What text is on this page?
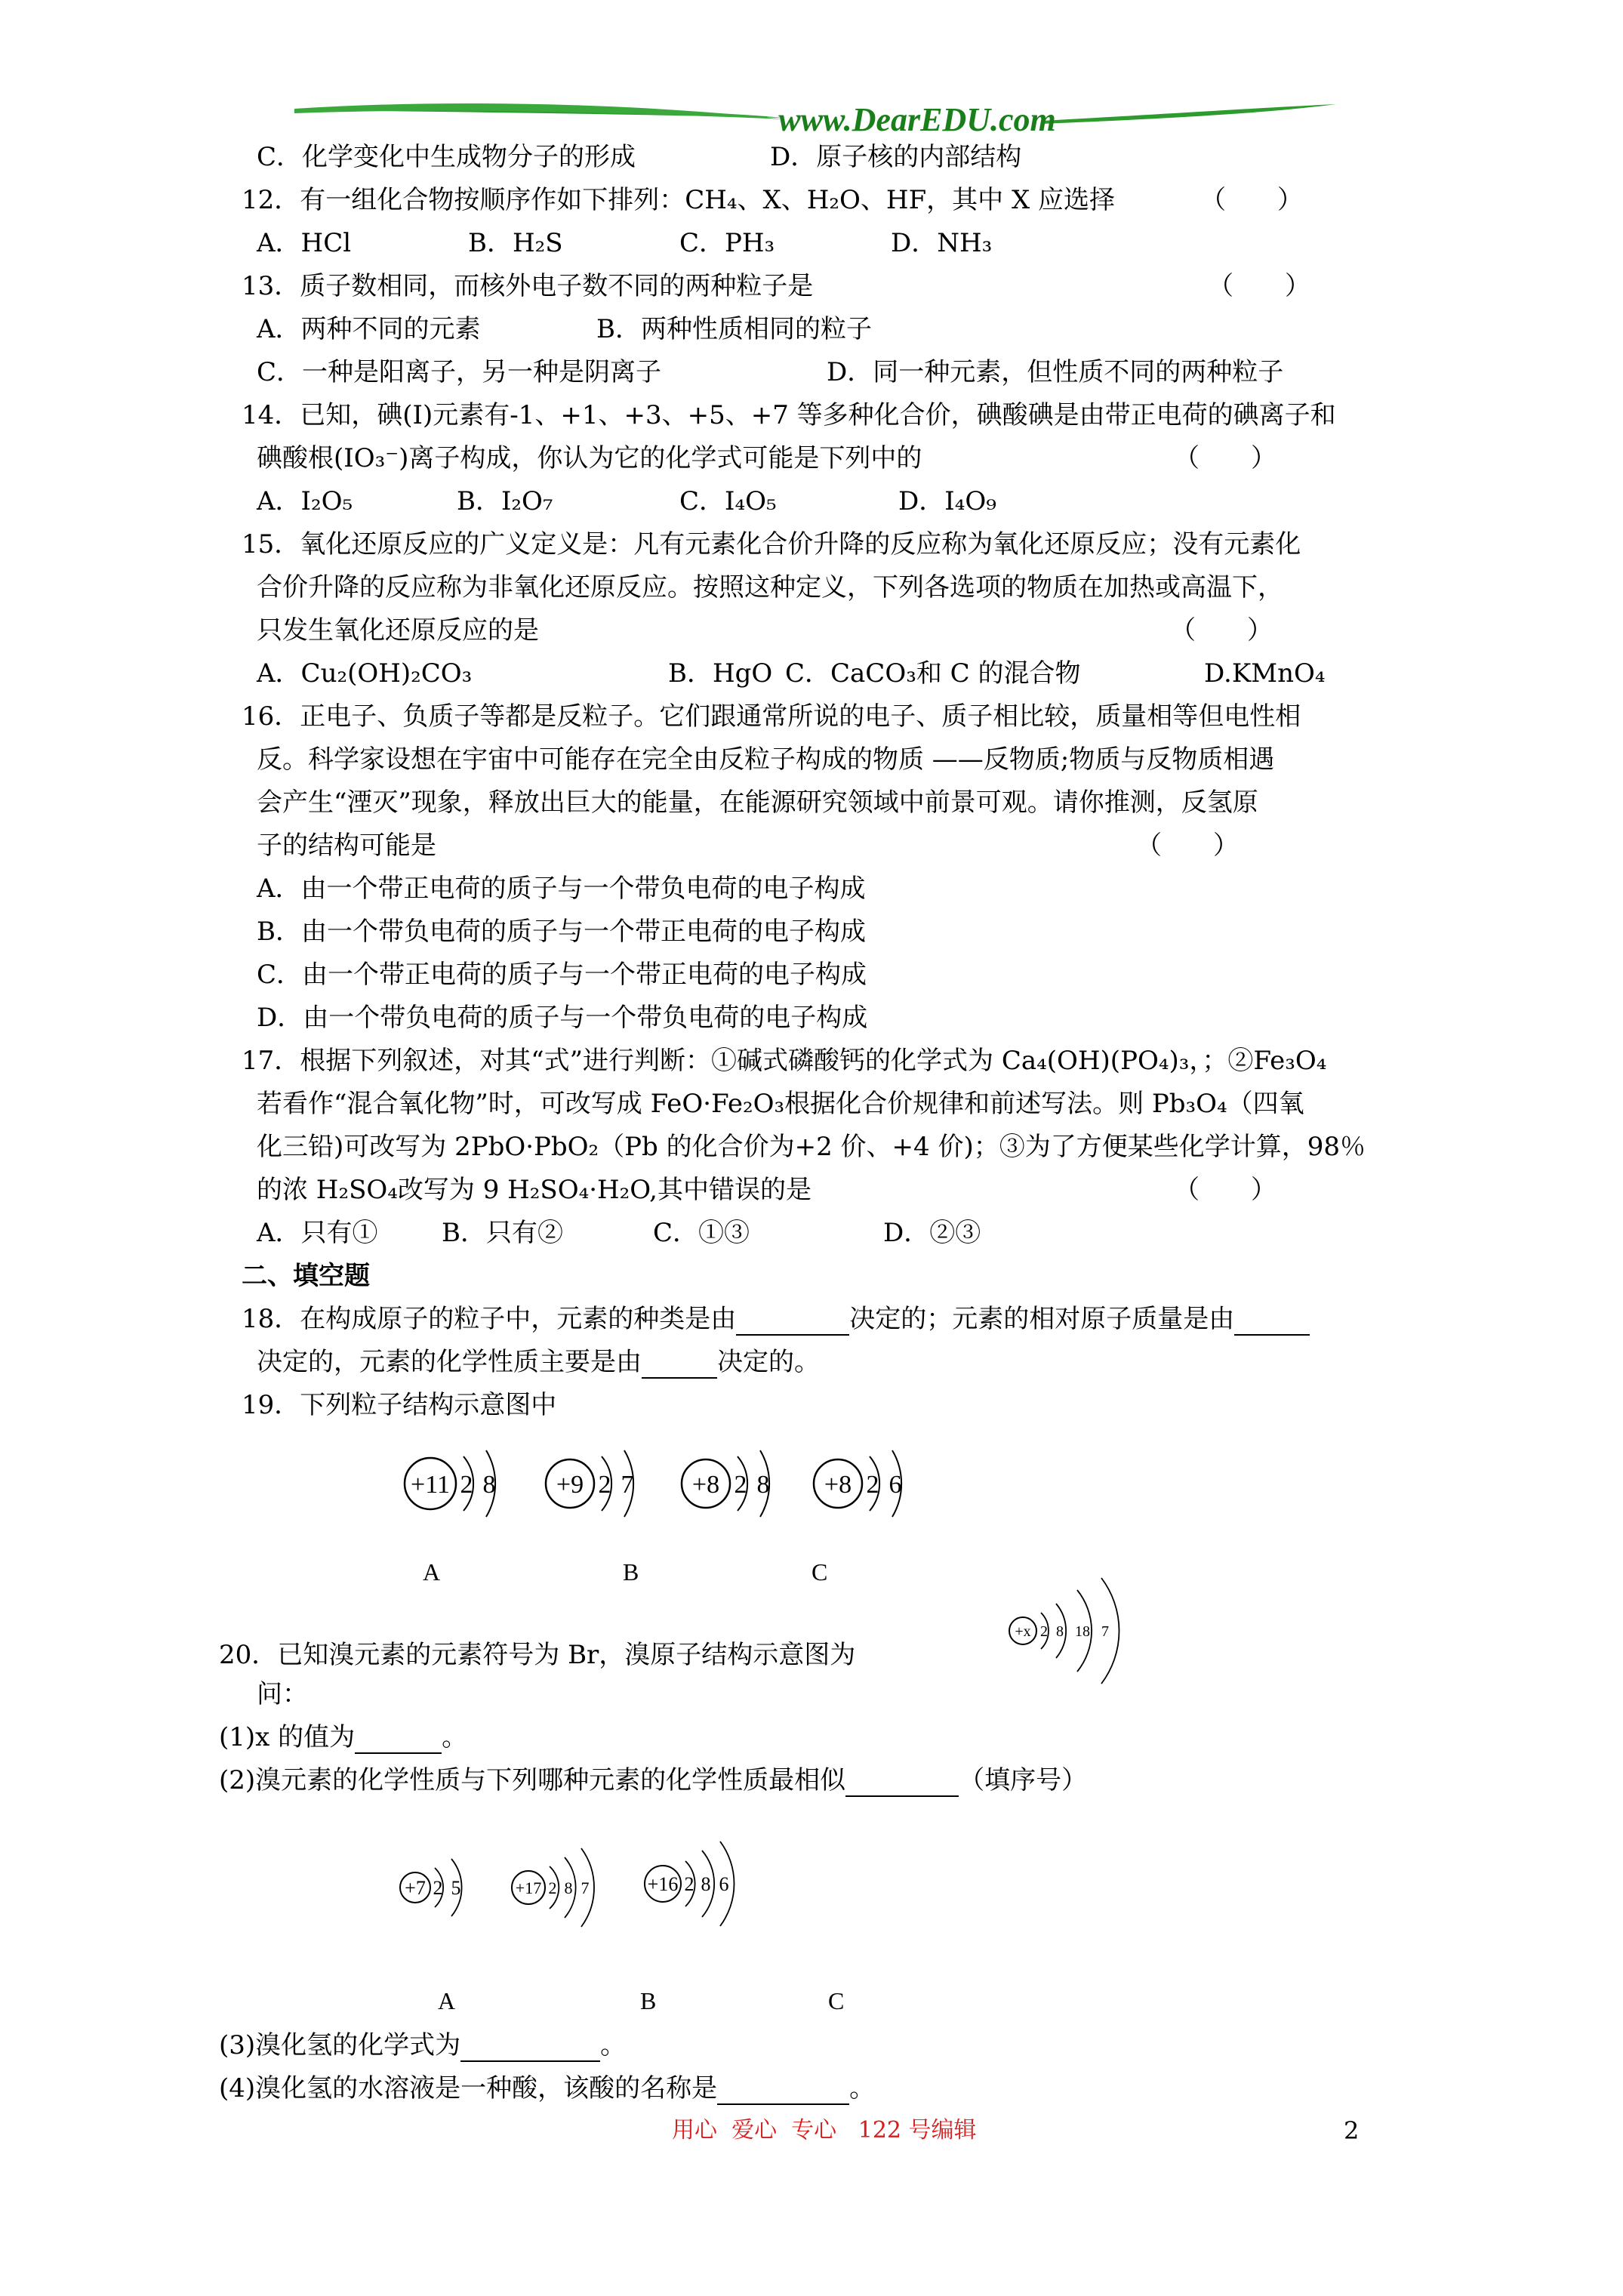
www.DearEDU.com
C．化学变化中生成物分子的形成	D．原子核的内部结构
12．有一组化合物按顺序作如下排列：CH₄、X、H₂O、HF，其中 X 应选择	（　　）
A．HCl	B．H₂S	C．PH₃	D．NH₃
13．质子数相同，而核外电子数不同的两种粒子是	（　　）
A．两种不同的元素	B．两种性质相同的粒子
C．一种是阳离子，另一种是阴离子	D．同一种元素，但性质不同的两种粒子
14．已知，碘(I)元素有-1、+1、+3、+5、+7 等多种化合价，碘酸碘是由带正电荷的碘离子和
碘酸根(IO₃⁻)离子构成，你认为它的化学式可能是下列中的	（　　）
A．I₂O₅	B．I₂O₇	C．I₄O₅	D．I₄O₉
15．氧化还原反应的广义定义是：凡有元素化合价升降的反应称为氧化还原反应；没有元素化
合价升降的反应称为非氧化还原反应。按照这种定义，下列各选项的物质在加热或高温下，
只发生氧化还原反应的是	（　　）
A．Cu₂(OH)₂CO₃	B．HgO C．CaCO₃和 C 的混合物	D.KMnO₄
16．正电子、负质子等都是反粒子。它们跟通常所说的电子、质子相比较，质量相等但电性相
反。科学家设想在宇宙中可能存在完全由反粒子构成的物质 ——反物质;物质与反物质相遇
会产生“湮灭”现象，释放出巨大的能量，在能源研究领域中前景可观。请你推测，反氢原
子的结构可能是	（　　）
A．由一个带正电荷的质子与一个带负电荷的电子构成
B．由一个带负电荷的质子与一个带正电荷的电子构成
C．由一个带正电荷的质子与一个带正电荷的电子构成
D．由一个带负电荷的质子与一个带负电荷的电子构成
17．根据下列叙述，对其“式”进行判断：①碱式磷酸钙的化学式为 Ca₄(OH)(PO₄)₃，；②Fe₃O₄
若看作“混合氧化物”时，可改写成 FeO·Fe₂O₃根据化合价规律和前述写法。则 Pb₃O₄（四氧
化三铅)可改写为 2PbO·PbO₂（Pb 的化合价为+2 价、+4 价)；③为了方便某些化学计算，98％
的浓 H₂SO₄改写为 9 H₂SO₄·H₂O,其中错误的是	（　　）
A．只有① B．只有②	C．①③	D．②③
二、填空题
18．在构成原子的粒子中，元素的种类是由	决定的；元素的相对原子质量是由
决定的，元素的化学性质主要是由	决定的。
19．下列粒子结构示意图中
+11 2 8 +9 2 7 +8 2 8 +8 2 6
A	B	C
+x 2 8 18 7
20．已知溴元素的元素符号为 Br，溴原子结构示意图为
问：
(1)x 的值为	。
(2)溴元素的化学性质与下列哪种元素的化学性质最相似	（填序号）
+7 2 5	+17 2 8 7	+16 2 8 6
A	B	C
(3)溴化氢的化学式为	。
(4)溴化氢的水溶液是一种酸，该酸的名称是	。
用心  爱心  专心   122 号编辑	2
